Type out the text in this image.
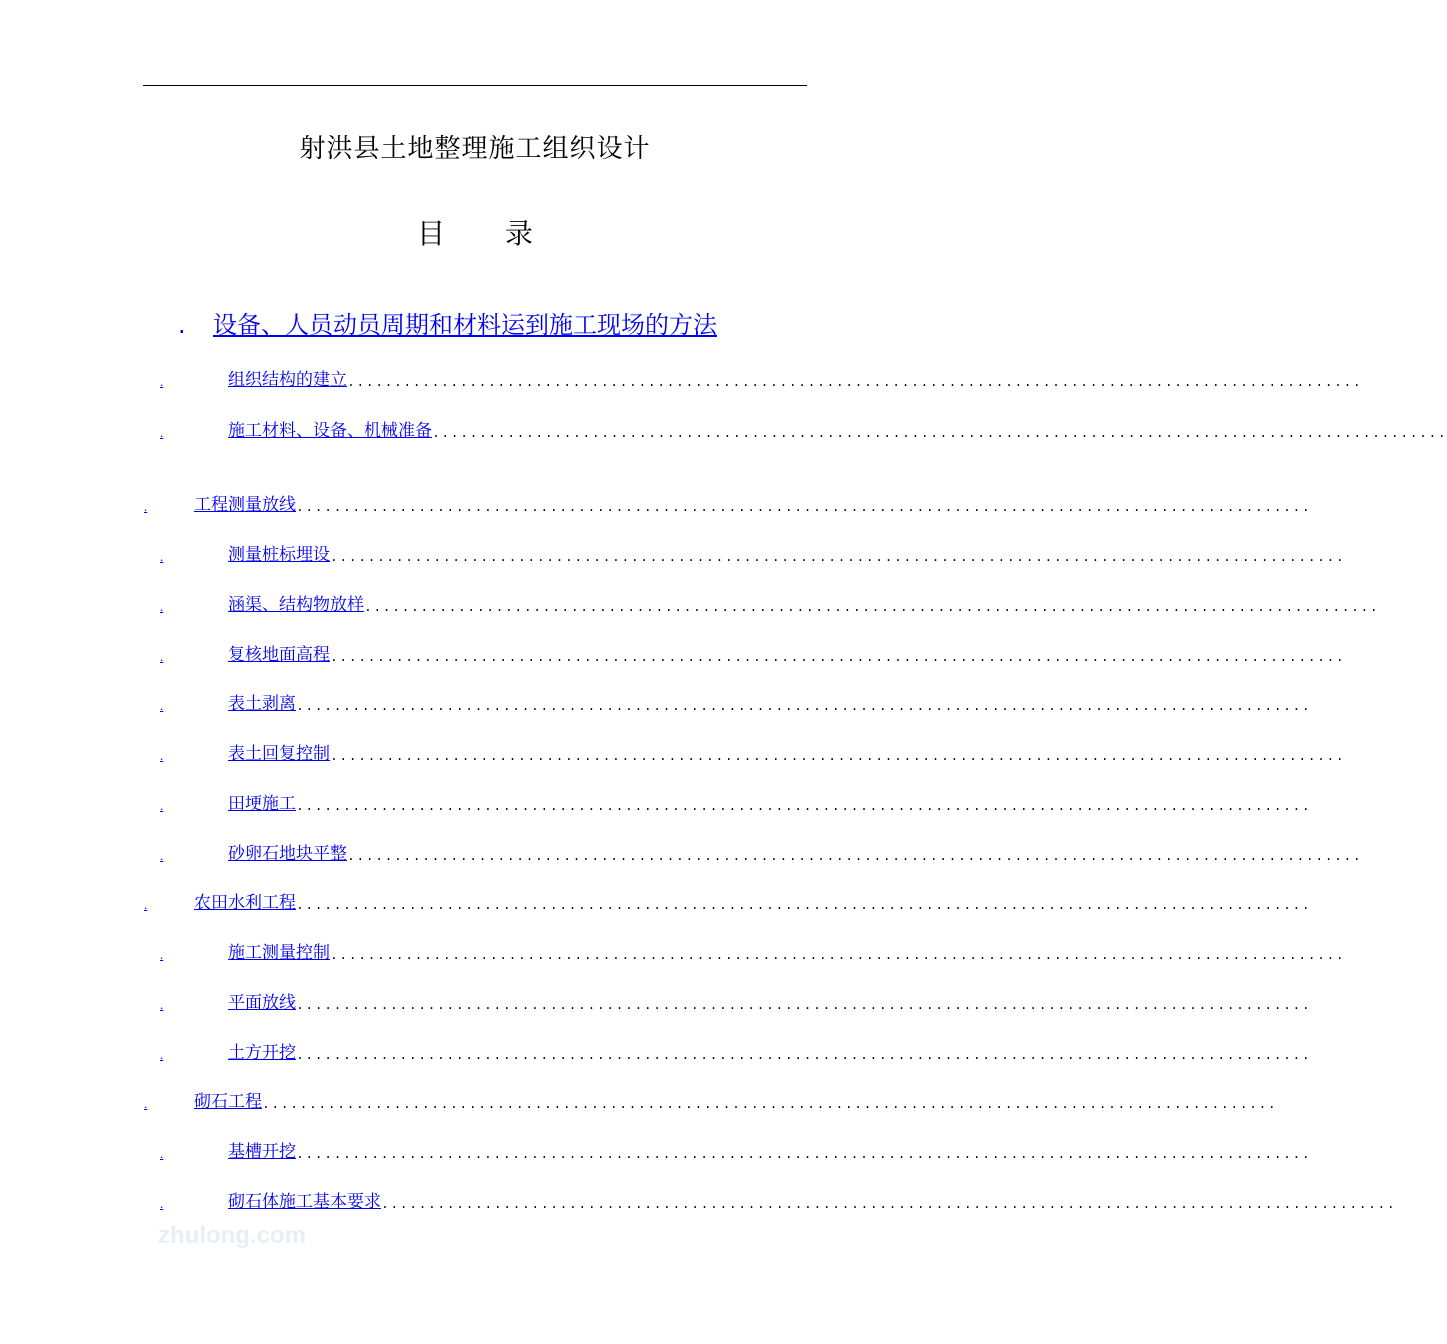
射洪县土地整理施工组织设计
目 录
. 设备、人员动员周期和材料运到施工现场的方法
.	组织结构的建立 ............................................................................................................
.	施工材料、设备、机械准备 ............................................................................................................
.	工程测量放线 ............................................................................................................
.	测量桩标埋设 ............................................................................................................
.	涵渠、结构物放样 ............................................................................................................
.	复核地面高程 ............................................................................................................
.	表土剥离 ............................................................................................................
.	表土回复控制 ............................................................................................................
.	田埂施工 ............................................................................................................
.	砂卵石地块平整 ............................................................................................................
.	农田水利工程 ............................................................................................................
.	施工测量控制 ............................................................................................................
.	平面放线 ............................................................................................................
.	土方开挖 ............................................................................................................
.	砌石工程 ............................................................................................................
.	基槽开挖 ............................................................................................................
.	砌石体施工基本要求 ............................................................................................................
zhulong.com
